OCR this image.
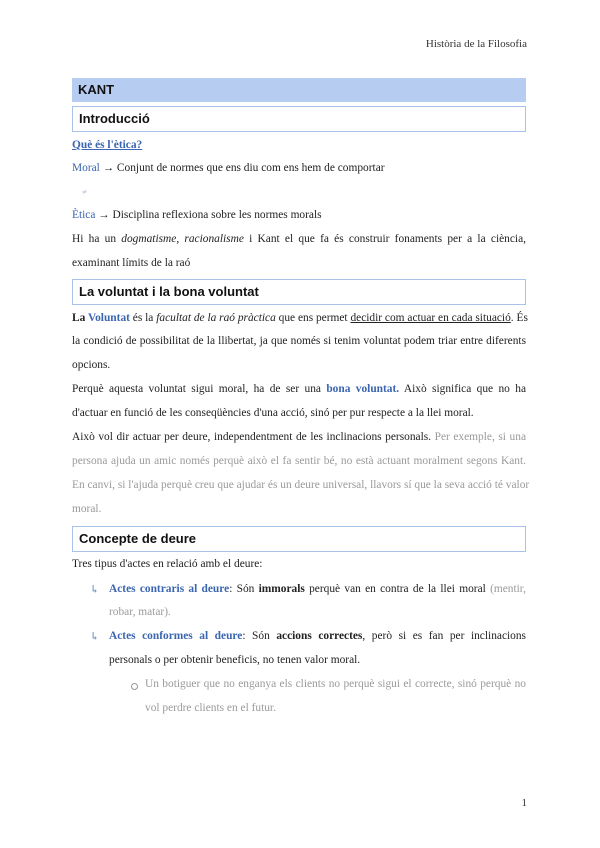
Història de la Filosofia
KANT
Introducció
Què és l'ètica?
Moral → Conjunt de normes que ens diu com ens hem de comportar
≠
Ètica → Disciplina reflexiona sobre les normes morals
Hi ha un dogmatisme, racionalisme i Kant el que fa és construir fonaments per a la ciència,
examinant límits de la raó
La voluntat i la bona voluntat
La Voluntat és la facultat de la raó pràctica que ens permet decidir com actuar en cada situació. És
la condició de possibilitat de la llibertat, ja que només si tenim voluntat podem triar entre diferents
opcions.
Perquè aquesta voluntat sigui moral, ha de ser una bona voluntat. Això significa que no ha
d'actuar en funció de les conseqüències d'una acció, sinó per pur respecte a la llei moral.
Això vol dir actuar per deure, independentment de les inclinacions personals. Per exemple, si una
persona ajuda un amic només perquè això el fa sentir bé, no està actuant moralment segons Kant.
En canvi, si l'ajuda perquè creu que ajudar és un deure universal, llavors sí que la seva acció té valor
moral.
Concepte de deure
Tres tipus d'actes en relació amb el deure:
↳ Actes contraris al deure: Són immorals perquè van en contra de la llei moral (mentir,
robar, matar).
↳ Actes conformes al deure: Són accions correctes, però si es fan per inclinacions
personals o per obtenir beneficis, no tenen valor moral.
Un botiguer que no enganya els clients no perquè sigui el correcte, sinó perquè no
vol perdre clients en el futur.
1
